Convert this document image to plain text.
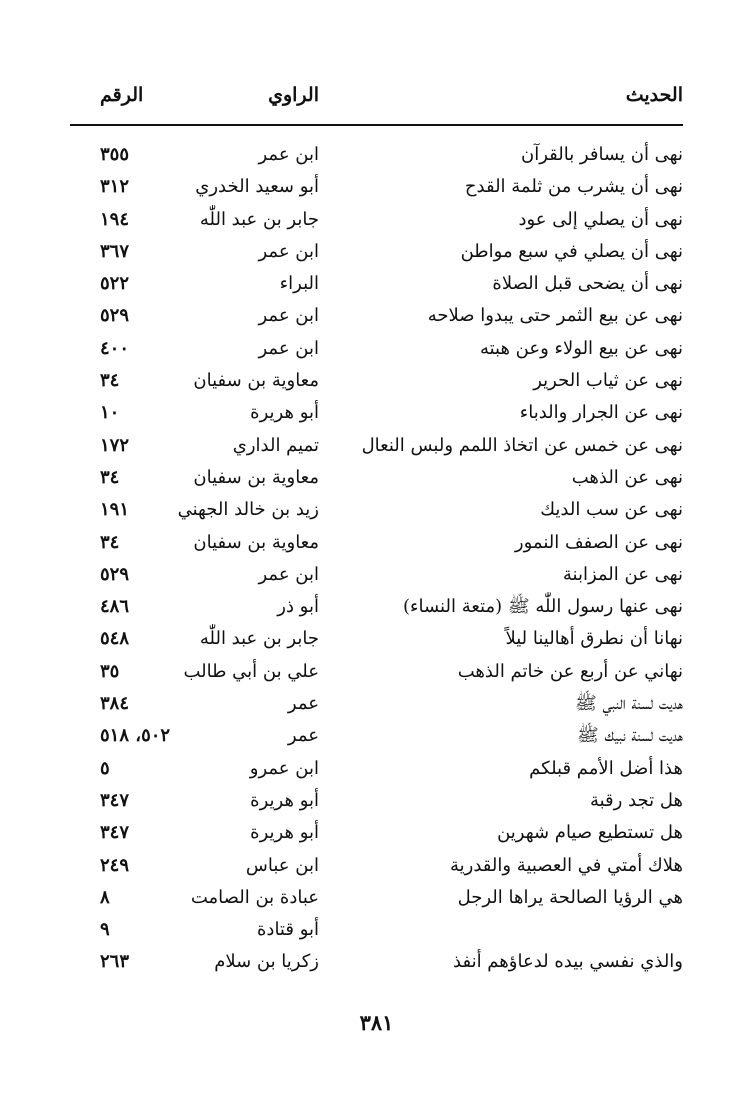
الحديث
الراوي
الرقم
نهى أن يسافر بالقرآن
ابن عمر
٣٥٥
نهى أن يشرب من ثلمة القدح
أبو سعيد الخدري
٣١٢
نهى أن يصلي إلى عود
جابر بن عبد اللّٰه
١٩٤
نهى أن يصلي في سبع مواطن
ابن عمر
٣٦٧
نهى أن يضحى قبل الصلاة
البراء
٥٢٢
نهى عن بيع الثمر حتى يبدوا صلاحه
ابن عمر
٥٢٩
نهى عن بيع الولاء وعن هبته
ابن عمر
٤٠٠
نهى عن ثياب الحرير
معاوية بن سفيان
٣٤
نهى عن الجرار والدباء
أبو هريرة
١٠
نهى عن خمس عن اتخاذ اللمم ولبس النعال
تميم الداري
١٧٢
نهى عن الذهب
معاوية بن سفيان
٣٤
نهى عن سب الديك
زيد بن خالد الجهني
١٩١
نهى عن الصفف النمور
معاوية بن سفيان
٣٤
نهى عن المزابنة
ابن عمر
٥٢٩
نهى عنها رسول اللّٰه ﷺ (متعة النساء)
أبو ذر
٤٨٦
نهانا أن نطرق أهالينا ليلاً
جابر بن عبد اللّٰه
٥٤٨
نهاني عن أربع عن خاتم الذهب
علي بن أبي طالب
٣٥
هديت لسنة النبي ﷺ
عمر
٣٨٤
هديت لسنة نبيك ﷺ
عمر
٥٠٢، ٥١٨
هذا أضل الأمم قبلكم
ابن عمرو
٥
هل تجد رقبة
أبو هريرة
٣٤٧
هل تستطيع صيام شهرين
أبو هريرة
٣٤٧
هلاك أمتي في العصبية والقدرية
ابن عباس
٢٤٩
هي الرؤيا الصالحة يراها الرجل
عبادة بن الصامت
٨
أبو قتادة
٩
والذي نفسي بيده لدعاؤهم أنفذ
زكريا بن سلام
٢٦٣
٣٨١
